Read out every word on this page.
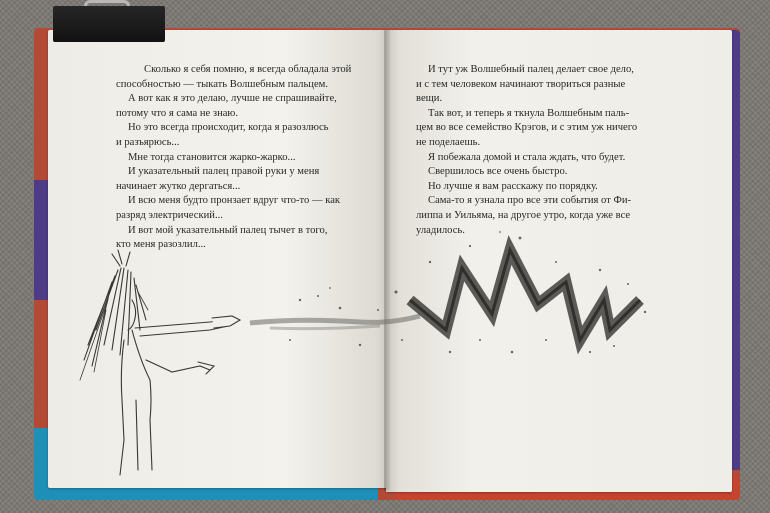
Сколько я себя помню, я всегда обладала этой
способностью — тыкать Волшебным пальцем.

А вот как я это делаю, лучше не спрашивайте,
потому что я сама не знаю.

Но это всегда происходит, когда я разозлюсь
и разъярюсь...

Мне тогда становится жарко-жарко...

И указательный палец правой руки у меня
начинает жутко дергаться...

И всю меня будто пронзает вдруг что-то — как
разряд электрический...

И вот мой указательный палец тычет в того,
кто меня разозлил...

И тут уж Волшебный палец делает свое дело,
и с тем человеком начинают твориться разные
вещи.

Так вот, и теперь я ткнула Волшебным паль-
цем во все семейство Крэгов, и с этим уж ничего
не поделаешь.

Я побежала домой и стала ждать, что будет.

Свершилось все очень быстро.

Но лучше я вам расскажу по порядку.

Сама-то я узнала про все эти события от Фи-
липпа и Уильяма, на другое утро, когда уже все
уладилось.
